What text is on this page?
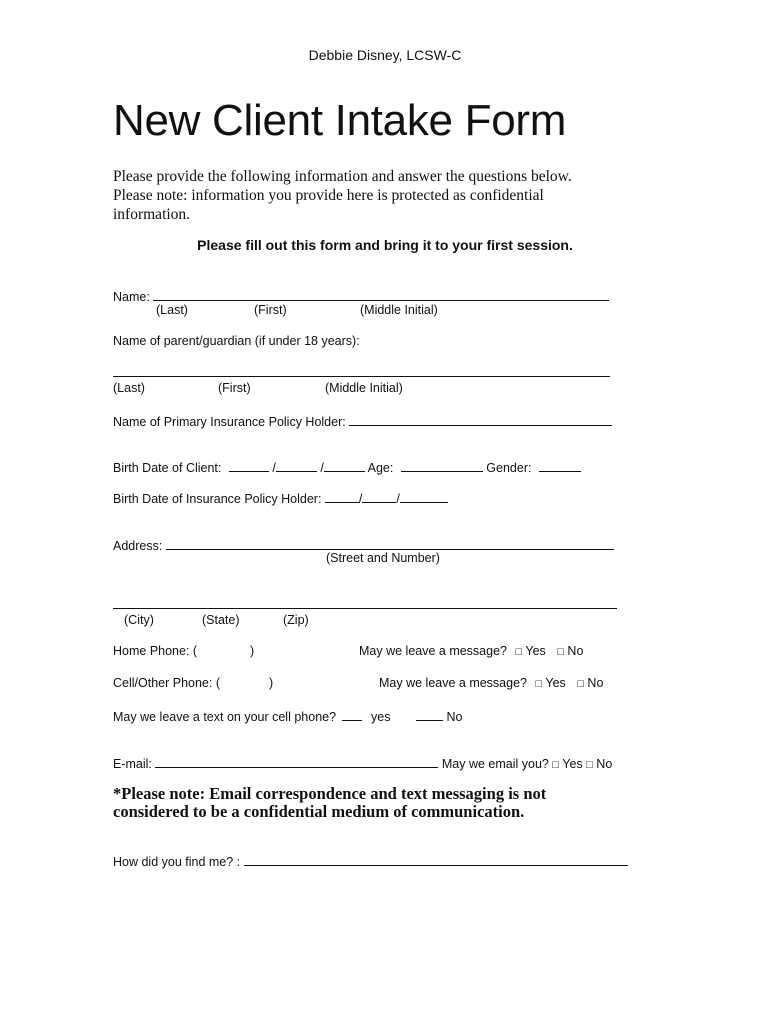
Debbie Disney, LCSW-C
New Client Intake Form
Please provide the following information and answer the questions below.
Please note: information you provide here is protected as confidential
information.
Please fill out this form and bring it to your first session.
Name:
(Last)	(First)	(Middle Initial)
Name of parent/guardian (if under 18 years):
(Last)	(First)	(Middle Initial)
Name of Primary Insurance Policy Holder:
Birth Date of Client:	/	/	Age:	Gender:
Birth Date of Insurance Policy Holder:	/	/
Address:
(Street and Number)
(City)	(State)	(Zip)
Home Phone: (	)	May we leave a message? □ Yes □ No
Cell/Other Phone: (	)	May we leave a message? □ Yes □ No
May we leave a text on your cell phone?	yes	No
E-mail:	May we email you? □ Yes □ No
*Please note: Email correspondence and text messaging is not
considered to be a confidential medium of communication.
How did you find me? :
